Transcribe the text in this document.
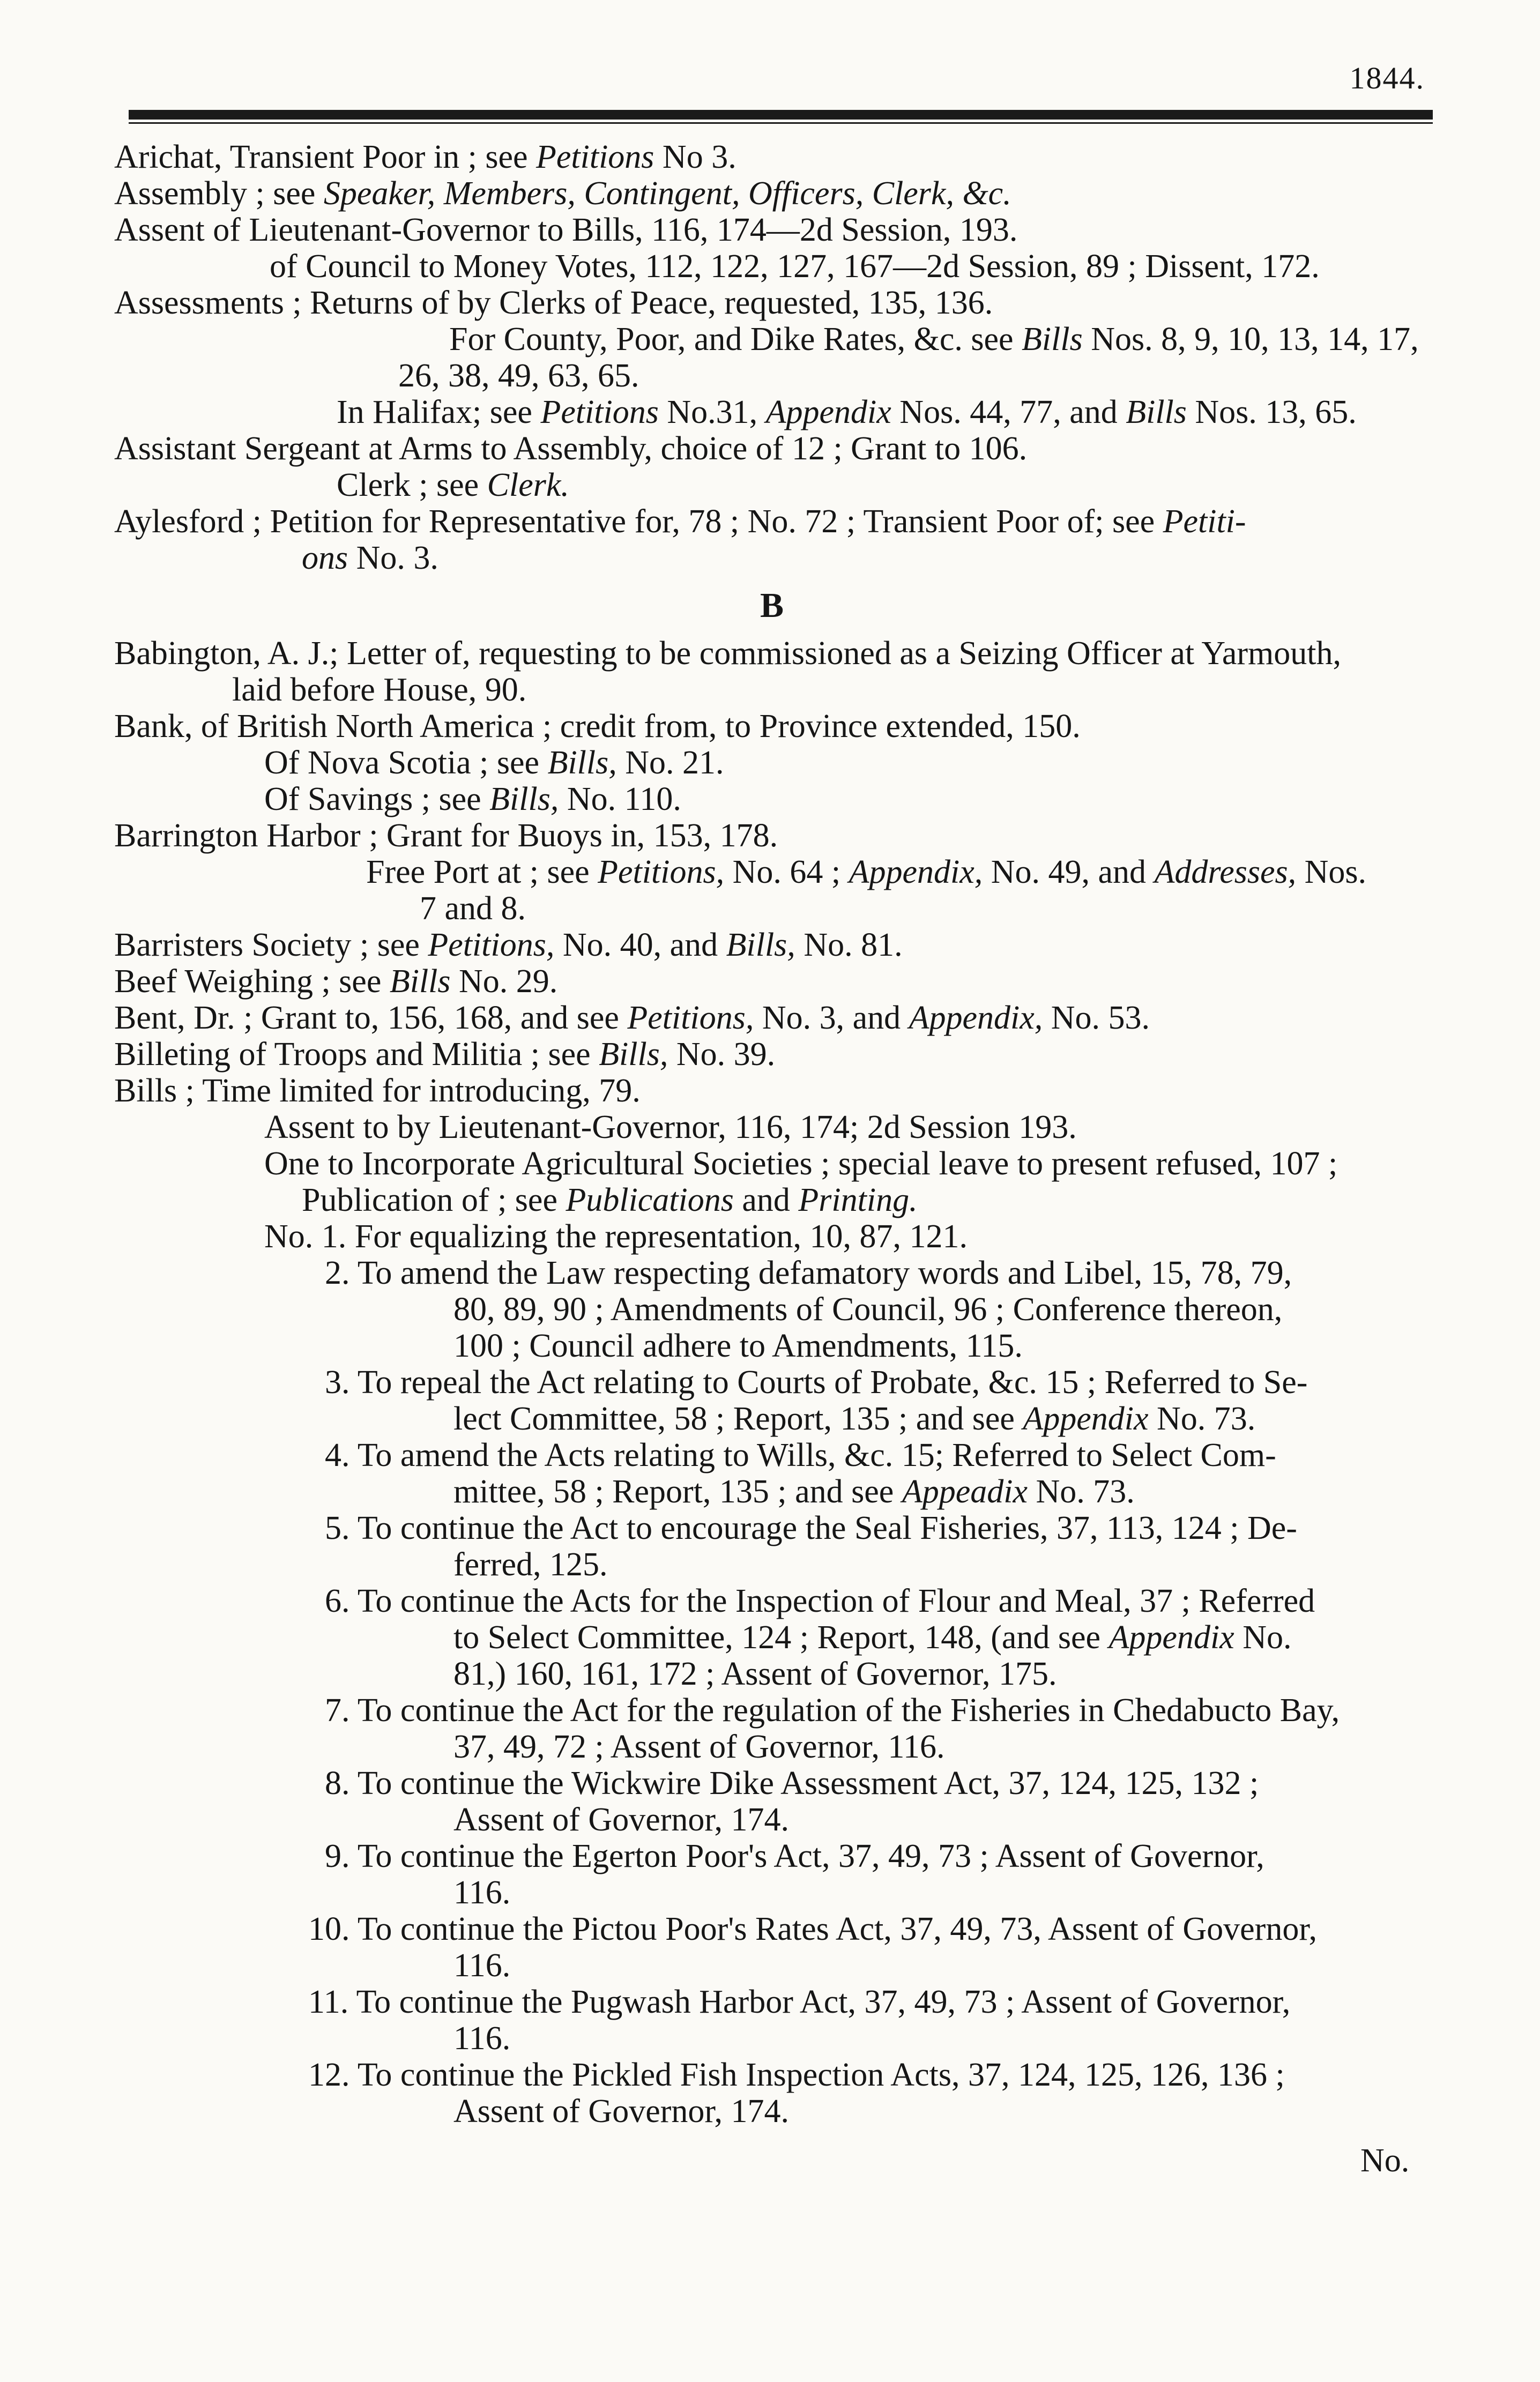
1844.
Arichat, Transient Poor in ; see Petitions No 3.
Assembly ; see Speaker, Members, Contingent, Officers, Clerk, &c.
Assent of Lieutenant-Governor to Bills, 116, 174—2d Session, 193.
of Council to Money Votes, 112, 122, 127, 167—2d Session, 89 ; Dissent, 172.
Assessments ; Returns of by Clerks of Peace, requested, 135, 136.
For County, Poor, and Dike Rates, &c. see Bills Nos. 8, 9, 10, 13, 14, 17,
26, 38, 49, 63, 65.
In Halifax; see Petitions No.31, Appendix Nos. 44, 77, and Bills Nos. 13, 65.
Assistant Sergeant at Arms to Assembly, choice of 12 ; Grant to 106.
Clerk ; see Clerk.
Aylesford ; Petition for Representative for, 78 ; No. 72 ; Transient Poor of; see Petiti-
ons No. 3.
B
Babington, A. J.; Letter of, requesting to be commissioned as a Seizing Officer at Yarmouth,
laid before House, 90.
Bank, of British North America ; credit from, to Province extended, 150.
Of Nova Scotia ; see Bills, No. 21.
Of Savings ; see Bills, No. 110.
Barrington Harbor ; Grant for Buoys in, 153, 178.
Free Port at ; see Petitions, No. 64 ; Appendix, No. 49, and Addresses, Nos.
7 and 8.
Barristers Society ; see Petitions, No. 40, and Bills, No. 81.
Beef Weighing ; see Bills No. 29.
Bent, Dr. ; Grant to, 156, 168, and see Petitions, No. 3, and Appendix, No. 53.
Billeting of Troops and Militia ; see Bills, No. 39.
Bills ; Time limited for introducing, 79.
Assent to by Lieutenant-Governor, 116, 174; 2d Session 193.
One to Incorporate Agricultural Societies ; special leave to present refused, 107 ;
Publication of ; see Publications and Printing.
No. 1. For equalizing the representation, 10, 87, 121.
2. To amend the Law respecting defamatory words and Libel, 15, 78, 79,
80, 89, 90 ; Amendments of Council, 96 ; Conference thereon,
100 ; Council adhere to Amendments, 115.
3. To repeal the Act relating to Courts of Probate, &c. 15 ; Referred to Se-
lect Committee, 58 ; Report, 135 ; and see Appendix No. 73.
4. To amend the Acts relating to Wills, &c. 15; Referred to Select Com-
mittee, 58 ; Report, 135 ; and see Appeadix No. 73.
5. To continue the Act to encourage the Seal Fisheries, 37, 113, 124 ; De-
ferred, 125.
6. To continue the Acts for the Inspection of Flour and Meal, 37 ; Referred
to Select Committee, 124 ; Report, 148, (and see Appendix No.
81,) 160, 161, 172 ; Assent of Governor, 175.
7. To continue the Act for the regulation of the Fisheries in Chedabucto Bay,
37, 49, 72 ; Assent of Governor, 116.
8. To continue the Wickwire Dike Assessment Act, 37, 124, 125, 132 ;
Assent of Governor, 174.
9. To continue the Egerton Poor's Act, 37, 49, 73 ; Assent of Governor,
116.
10. To continue the Pictou Poor's Rates Act, 37, 49, 73, Assent of Governor,
116.
11. To continue the Pugwash Harbor Act, 37, 49, 73 ; Assent of Governor,
116.
12. To continue the Pickled Fish Inspection Acts, 37, 124, 125, 126, 136 ;
Assent of Governor, 174.
No.
